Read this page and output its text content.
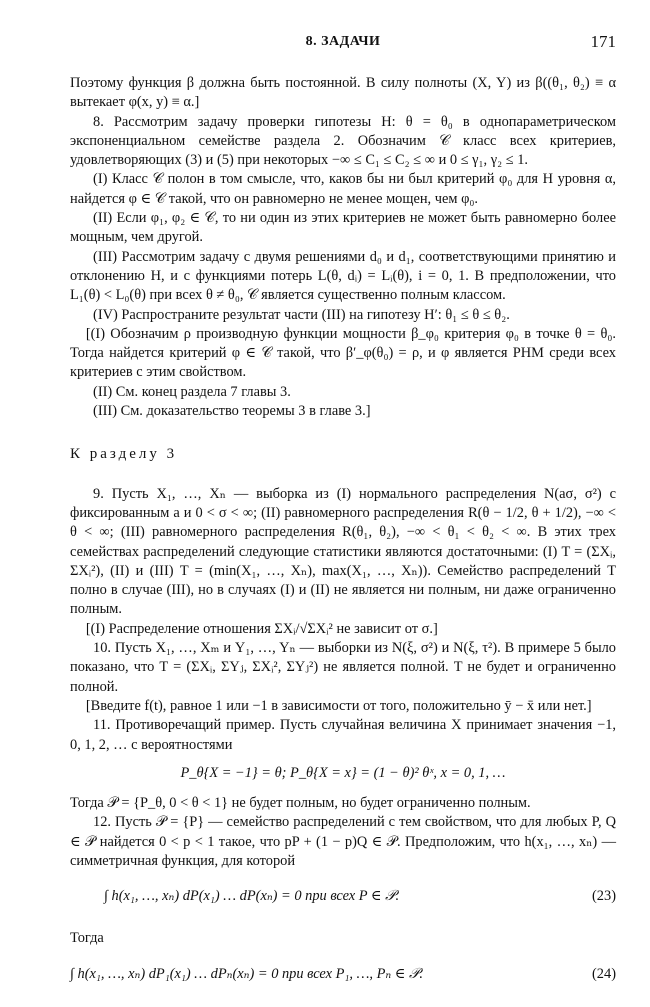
8. ЗАДАЧИ	171

Поэтому функция β должна быть постоянной. В силу полноты (X, Y) из β((θ₁, θ₂) ≡ α вытекает φ(x, y) ≡ α.]

8. Рассмотрим задачу проверки гипотезы H: θ = θ₀ в однопараметрическом экспоненциальном семействе раздела 2. Обозначим 𝒞 класс всех критериев, удовлетворяющих (3) и (5) при некоторых −∞ ≤ C₁ ≤ C₂ ≤ ∞ и 0 ≤ γ₁, γ₂ ≤ 1.

(I) Класс 𝒞 полон в том смысле, что, каков бы ни был критерий φ₀ для H уровня α, найдется φ ∈ 𝒞 такой, что он равномерно не менее мощен, чем φ₀.

(II) Если φ₁, φ₂ ∈ 𝒞, то ни один из этих критериев не может быть равномерно более мощным, чем другой.

(III) Рассмотрим задачу с двумя решениями d₀ и d₁, соответствующими принятию и отклонению H, и с функциями потерь L(θ, dᵢ) = Lᵢ(θ), i = 0, 1. В предположении, что L₁(θ) < L₀(θ) при всех θ ≠ θ₀, 𝒞 является существенно полным классом.

(IV) Распространите результат части (III) на гипотезу H′: θ₁ ≤ θ ≤ θ₂.

[(I) Обозначим ρ производную функции мощности β_φ₀ критерия φ₀ в точке θ = θ₀. Тогда найдется критерий φ ∈ 𝒞 такой, что β′_φ(θ₀) = ρ, и φ является PHM среди всех критериев с этим свойством.

(II) См. конец раздела 7 главы 3.

(III) См. доказательство теоремы 3 в главе 3.]

К разделу 3

9. Пусть X₁, …, Xₙ — выборка из (I) нормального распределения N(aσ, σ²) с фиксированным a и 0 < σ < ∞; (II) равномерного распределения R(θ − 1/2, θ + 1/2), −∞ < θ < ∞; (III) равномерного распределения R(θ₁, θ₂), −∞ < θ₁ < θ₂ < ∞. В этих трех семействах распределений следующие статистики являются достаточными: (I) T = (ΣXᵢ, ΣXᵢ²), (II) и (III) T = (min(X₁, …, Xₙ), max(X₁, …, Xₙ)). Семейство распределений T полно в случае (III), но в случаях (I) и (II) не является ни полным, ни даже ограниченно полным.

[(I) Распределение отношения ΣXᵢ/√ΣXᵢ² не зависит от σ.]

10. Пусть X₁, …, Xₘ и Y₁, …, Yₙ — выборки из N(ξ, σ²) и N(ξ, τ²). В примере 5 было показано, что T = (ΣXᵢ, ΣYⱼ, ΣXᵢ², ΣYⱼ²) не является полной. T не будет и ограниченно полной.

[Введите f(t), равное 1 или −1 в зависимости от того, положительно ȳ − x̄ или нет.]

11. Противоречащий пример. Пусть случайная величина X принимает значения −1, 0, 1, 2, … с вероятностями

P_θ{X = −1} = θ; P_θ{X = x} = (1 − θ)² θˣ, x = 0, 1, …

Тогда 𝒫 = {P_θ, 0 < θ < 1} не будет полным, но будет ограниченно полным.

12. Пусть 𝒫 = {P} — семейство распределений с тем свойством, что для любых P, Q ∈ 𝒫 найдется 0 < p < 1 такое, что pP + (1 − p)Q ∈ 𝒫. Предположим, что h(x₁, …, xₙ) — симметричная функция, для которой

∫ h(x₁, …, xₙ) dP(x₁) … dP(xₙ) = 0 при всех P ∈ 𝒫.	(23)

Тогда

∫ h(x₁, …, xₙ) dP₁(x₁) … dPₙ(xₙ) = 0 при всех P₁, …, Pₙ ∈ 𝒫.	(24)
